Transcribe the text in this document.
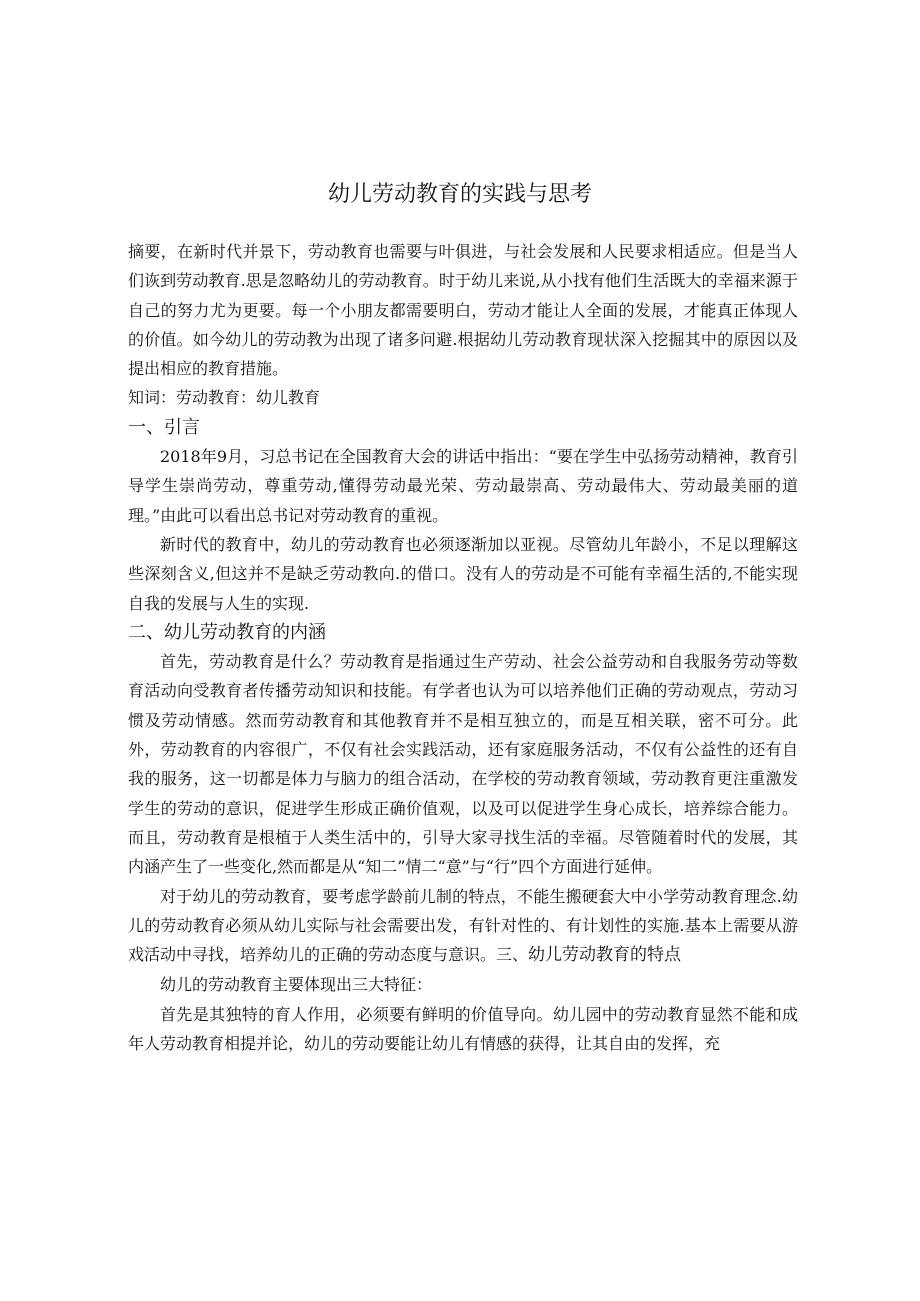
幼儿劳动教育的实践与思考

摘要，在新时代并景下，劳动教育也需要与叶俱进，与社会发展和人民要求相适应。但是当人们诙到劳动教育.思是忽略幼儿的劳动教育。时于幼儿来说,从小找有他们生活既大的幸福来源于自己的努力尤为更要。每一个小朋友都需要明白，劳动才能让人全面的发展，才能真正体现人的价值。如今幼儿的劳动教为出现了诸多问避.根据幼儿劳动教育现状深入挖掘其中的原因以及提出相应的教育措施。

知词：劳动教育：幼儿教育

一、引言

2018年9月，习总书记在全国教育大会的讲话中指出：“要在学生中弘扬劳动精神，教育引导学生崇尚劳动，尊重劳动,懂得劳动最光荣、劳动最崇高、劳动最伟大、劳动最美丽的道理。”由此可以看出总书记对劳动教育的重视。

新时代的教育中，幼儿的劳动教育也必须逐渐加以亚视。尽管幼儿年龄小，不足以理解这些深刻含义,但这并不是缺乏劳动教向.的借口。没有人的劳动是不可能有幸福生活的,不能实现自我的发展与人生的实现.

二、幼儿劳动教育的内涵

首先，劳动教育是什么？劳动教育是指通过生产劳动、社会公益劳动和自我服务劳动等数育活动向受教育者传播劳动知识和技能。有学者也认为可以培养他们正确的劳动观点，劳动习惯及劳动情感。然而劳动教育和其他教育并不是相互独立的，而是互相关联，密不可分。此外，劳动教育的内容很广，不仅有社会实践活动，还有家庭服务活动，不仅有公益性的还有自我的服务，这一切都是体力与脑力的组合活动，在学校的劳动教育领域，劳动教育更注重激发学生的劳动的意识，促进学生形成正确价值观，以及可以促进学生身心成长，培养综合能力。而且，劳动教育是根植于人类生活中的，引导大家寻找生活的幸福。尽管随着时代的发展，其内涵产生了一些变化,然而都是从“知二”情二“意”与“行”四个方面进行延伸。

对于幼儿的劳动教育，要考虑学龄前儿制的特点，不能生搬硬套大中小学劳动教育理念.幼儿的劳动教育必须从幼儿实际与社会需要出发，有针对性的、有计划性的实施.基本上需要从游戏活动中寻找，培养幼儿的正确的劳动态度与意识。三、幼儿劳动教育的特点

幼儿的劳动教育主要体现出三大特征：

首先是其独特的育人作用，必须要有鲜明的价值导向。幼儿园中的劳动教育显然不能和成年人劳动教育相提并论，幼儿的劳动要能让幼儿有情感的获得，让其自由的发挥，充
